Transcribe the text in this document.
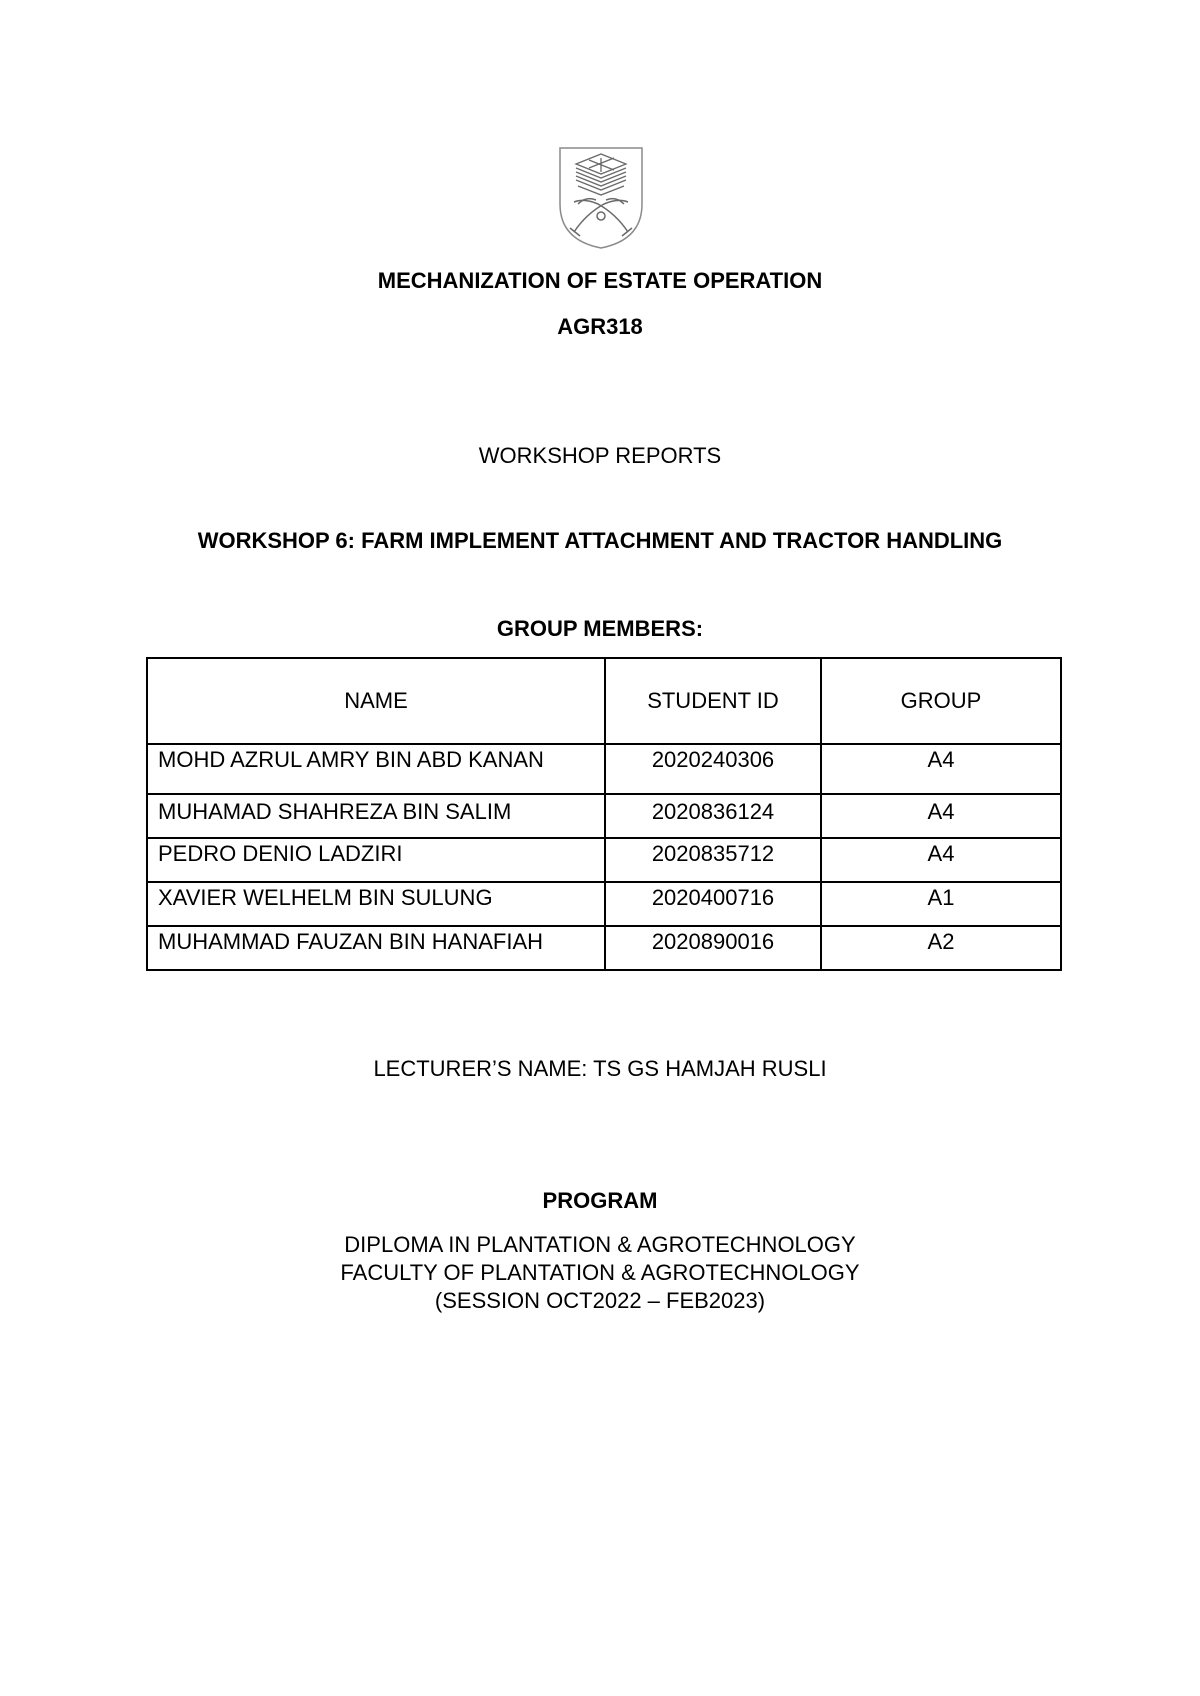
MECHANIZATION OF ESTATE OPERATION
AGR318
WORKSHOP REPORTS
WORKSHOP 6: FARM IMPLEMENT ATTACHMENT AND TRACTOR HANDLING
GROUP MEMBERS:
NAME	STUDENT ID	GROUP
MOHD AZRUL AMRY BIN ABD KANAN	2020240306	A4
MUHAMAD SHAHREZA BIN SALIM	2020836124	A4
PEDRO DENIO LADZIRI	2020835712	A4
XAVIER WELHELM BIN SULUNG	2020400716	A1
MUHAMMAD FAUZAN BIN HANAFIAH	2020890016	A2
LECTURER’S NAME: TS GS HAMJAH RUSLI
PROGRAM
DIPLOMA IN PLANTATION & AGROTECHNOLOGY
FACULTY OF PLANTATION & AGROTECHNOLOGY
(SESSION OCT2022 – FEB2023)
